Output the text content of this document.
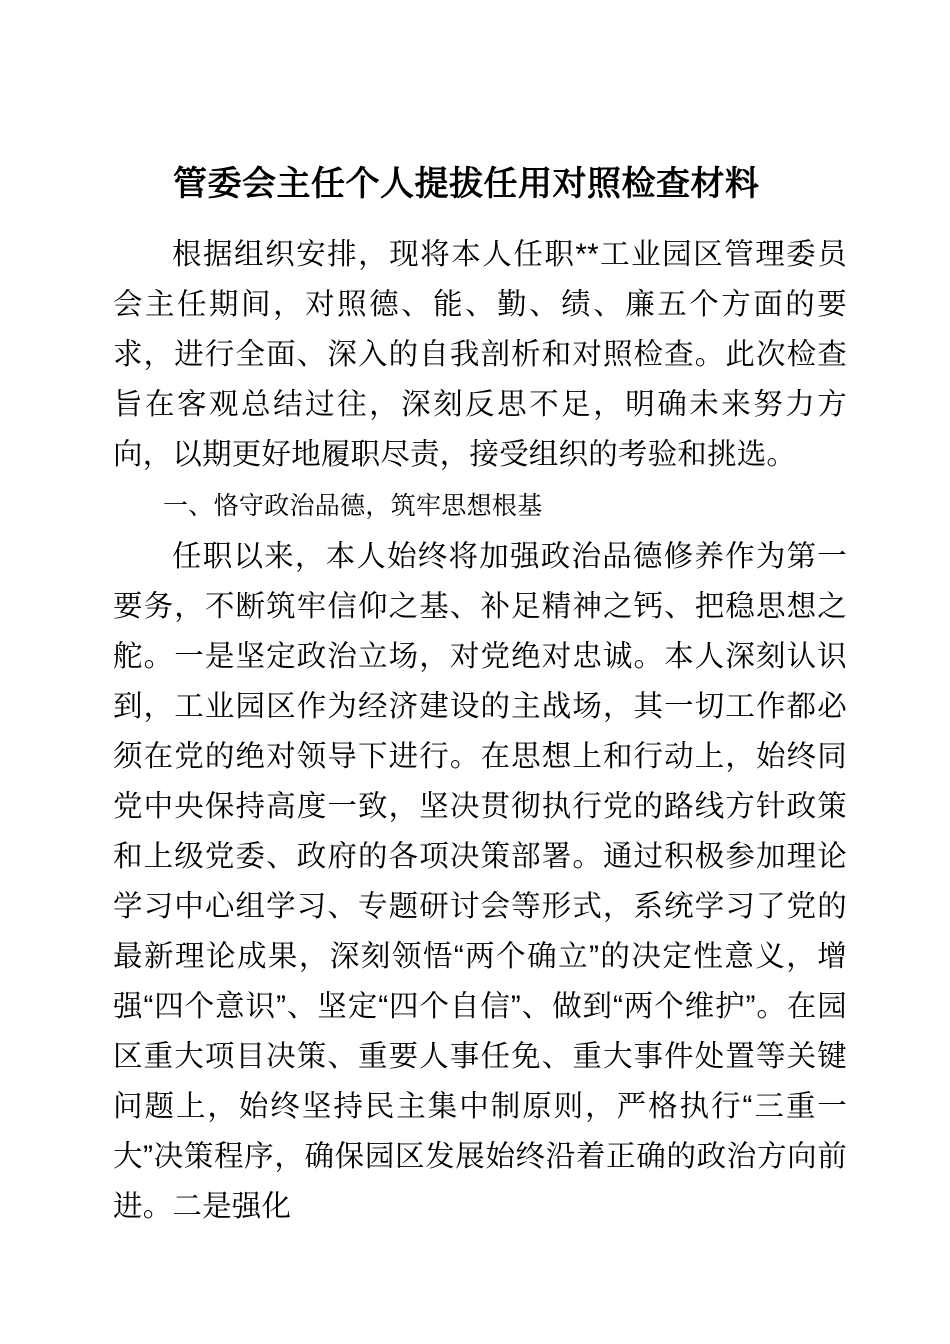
管委会主任个人提拔任用对照检查材料

根据组织安排，现将本人任职**工业园区管理委员会主任期间，对照德、能、勤、绩、廉五个方面的要求，进行全面、深入的自我剖析和对照检查。此次检查旨在客观总结过往，深刻反思不足，明确未来努力方向，以期更好地履职尽责，接受组织的考验和挑选。

一、恪守政治品德，筑牢思想根基

任职以来，本人始终将加强政治品德修养作为第一要务，不断筑牢信仰之基、补足精神之钙、把稳思想之舵。一是坚定政治立场，对党绝对忠诚。本人深刻认识到，工业园区作为经济建设的主战场，其一切工作都必须在党的绝对领导下进行。在思想上和行动上，始终同党中央保持高度一致，坚决贯彻执行党的路线方针政策和上级党委、政府的各项决策部署。通过积极参加理论学习中心组学习、专题研讨会等形式，系统学习了党的最新理论成果，深刻领悟“两个确立”的决定性意义，增强“四个意识”、坚定“四个自信”、做到“两个维护”。在园区重大项目决策、重要人事任免、重大事件处置等关键问题上，始终坚持民主集中制原则，严格执行“三重一大”决策程序，确保园区发展始终沿着正确的政治方向前进。二是强化
